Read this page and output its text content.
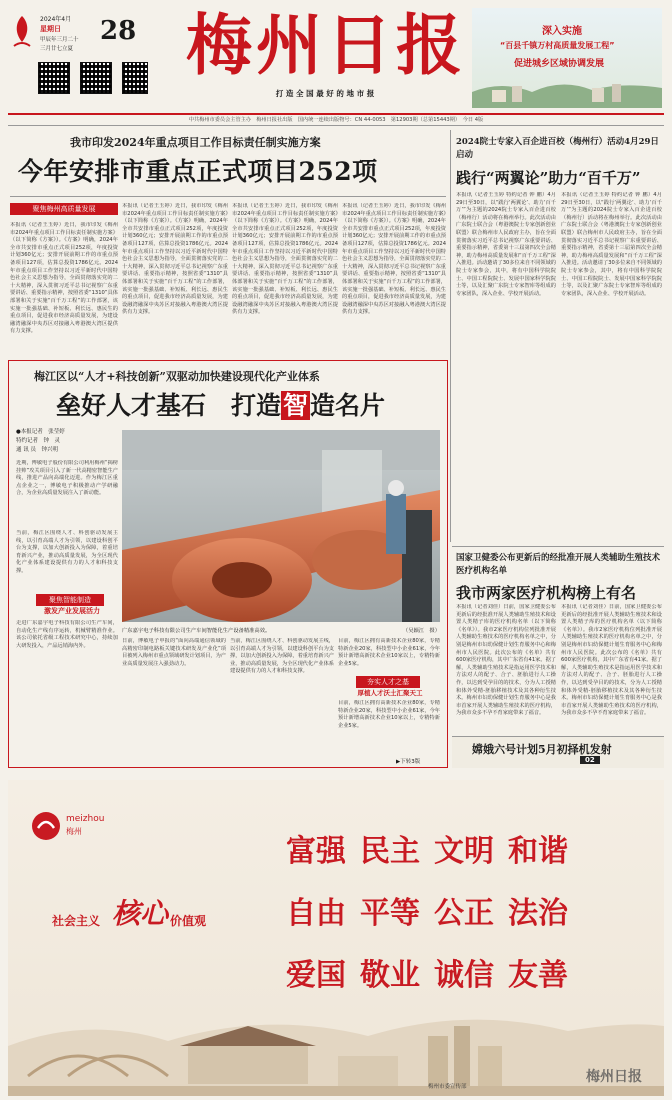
2024年4月
星期日
甲辰年三月二十
三月廿七立夏
28 梅州日报
打 造 全 国 最 好 的 地 市 报
深入实施
“百县千镇万村高质量发展工程”
促进城乡区域协调发展
中共梅州市委员会主管主办　梅州日报社出版　国内统一连续出版物号：CN 44-0053　第12903期（总第15443期）　今日 4版
我市印发2024年重点项目工作目标责任制实施方案
今年安排市重点正式项目252项
聚焦梅州高质量发展
本报讯（记者王玉婷）近日，我市印发《梅州市2024年重点项目工作目标责任制实施方案》（以下简称《方案》）。《方案》明确，2024年全市共安排市重点正式项目252项，年度投资计划360亿元；安排开展前期工作的市重点预备项目127项，估算总投资1786亿元。2024年市重点项目工作坚持以习近平新时代中国特色社会主义思想为指导，全面贯彻落实党的二十大精神，深入贯彻习近平总书记视察广东重要讲话、重要指示精神，按照省委“1310”具体部署和关于实施“百千万工程”的工作部署，该实施一批强基础、补短板、利长远、惠民生的重点项目，促进我市经济高质量发展，为建设融湾融深中央苏区对接融入粤港澳大湾区提供有力支撑。
本报讯（记者王玉婷）近日，我市印发《梅州市2024年重点项目工作目标责任制实施方案》（以下简称《方案》）。《方案》明确，2024年全市共安排市重点正式项目252项，年度投资计划360亿元；安排开展前期工作的市重点预备项目127项，估算总投资1786亿元。2024年市重点项目工作坚持以习近平新时代中国特色社会主义思想为指导，全面贯彻落实党的二十大精神，深入贯彻习近平总书记视察广东重要讲话、重要指示精神，按照省委“1310”具体部署和关于实施“百千万工程”的工作部署，该实施一批强基础、补短板、利长远、惠民生的重点项目，促进我市经济高质量发展，为建设融湾融深中央苏区对接融入粤港澳大湾区提供有力支撑。
本报讯（记者王玉婷）近日，我市印发《梅州市2024年重点项目工作目标责任制实施方案》（以下简称《方案》）。《方案》明确，2024年全市共安排市重点正式项目252项，年度投资计划360亿元；安排开展前期工作的市重点预备项目127项，估算总投资1786亿元。2024年市重点项目工作坚持以习近平新时代中国特色社会主义思想为指导，全面贯彻落实党的二十大精神，深入贯彻习近平总书记视察广东重要讲话、重要指示精神，按照省委“1310”具体部署和关于实施“百千万工程”的工作部署，该实施一批强基础、补短板、利长远、惠民生的重点项目，促进我市经济高质量发展，为建设融湾融深中央苏区对接融入粤港澳大湾区提供有力支撑。
本报讯（记者王玉婷）近日，我市印发《梅州市2024年重点项目工作目标责任制实施方案》（以下简称《方案》）。《方案》明确，2024年全市共安排市重点正式项目252项，年度投资计划360亿元；安排开展前期工作的市重点预备项目127项，估算总投资1786亿元。2024年市重点项目工作坚持以习近平新时代中国特色社会主义思想为指导，全面贯彻落实党的二十大精神，深入贯彻习近平总书记视察广东重要讲话、重要指示精神，按照省委“1310”具体部署和关于实施“百千万工程”的工作部署，该实施一批强基础、补短板、利长远、惠民生的重点项目，促进我市经济高质量发展，为建设融湾融深中央苏区对接融入粤港澳大湾区提供有力支撑。
2024院士专家入百企进百校（梅州行）活动4月29日启动
践行“两翼论”助力“百千万”
本报讯（记者王玉婷 特约记者 钟 鹏）4月29日至30日，以“践行‘两翼论’、助力‘百千万’”为主题的2024院士专家入百企进百校（梅州行）活动将在梅州举行。此次活动由广东院士联合会（粤港澳院士专家创新创业联盟）联合梅州市人民政府主办，旨在全面贯彻落实习近平总书记视察广东重要讲话、重要指示精神，省委第十三届第四次全会精神，助力梅州高质量发展和“百千万工程”深入推进。活动邀请了30多位来自不同领域的院士专家参会，其中，将有中国科学院院士、中国工程院院士、发展中国家科学院院士等，以及汇聚广东院士专家智库等组成的专家团队，深入企业、学校开展活动。
本报讯（记者王玉婷 特约记者 钟 鹏）4月29日至30日，以“践行‘两翼论’、助力‘百千万’”为主题的2024院士专家入百企进百校（梅州行）活动将在梅州举行。此次活动由广东院士联合会（粤港澳院士专家创新创业联盟）联合梅州市人民政府主办，旨在全面贯彻落实习近平总书记视察广东重要讲话、重要指示精神，省委第十三届第四次全会精神，助力梅州高质量发展和“百千万工程”深入推进。活动邀请了30多位来自不同领域的院士专家参会，其中，将有中国科学院院士、中国工程院院士、发展中国家科学院院士等，以及汇聚广东院士专家智库等组成的专家团队，深入企业、学校开展活动。
梅江区以“人才+科技创新”双驱动加快建设现代化产业体系
垒好人才基石　打造智造名片
●本报记者　张莹婷
特约记者　钟　灵
通 讯 员　钟兴明
近期，博敏电子股份有限公司利用梅州“揭榜挂帅”攻关项目引入了新一代高精密智能生产线，推进产品向高端化迈进。作为梅江区重点企业之一，博敏电子积极推动产学研融合，为企业高质量发展注入了新动能。
当前，梅江区围绕人才、科创驱动发展主线，以引育高端人才为引领，以建设科创平台为支撑，以加大创新投入为保障，着重培育新兴产业，推动高质量发展，为全区现代化产业体系建设提供有力的人才和科技支撑。
聚焦智能制造
激发产业发展活力
走进广东嘉宇电子科技有限公司生产车间，自动化生产线有序运转，机械臂精准作业。该公司依托省级工程技术研究中心，持续加大研发投入，产品远销海内外。
广东嘉宇电子科技有限公司生产车间智能化生产设备精准高效。	（吴颖江　摄）
日前，博敏电子申报的“面向高端通信领域的高精密印制电路板关键技术研发及产业化”项目被列入梅州市重点领域研发计划项目，为产业高质量发展注入强劲动力。
当前，梅江区围绕人才、科创驱动发展主线，以引育高端人才为引领，以建设科创平台为支撑，以加大创新投入为保障，着重培育新兴产业，推动高质量发展，为全区现代化产业体系建设提供有力的人才和科技支撑。
目前，梅江区拥有高新技术企业80家，专精特新企业20家，科技型中小企业61家，今年预计新增高新技术企业10家以上，专精特新企业5家。
夯实人才之基
厚植人才沃土汇聚天工
目前，梅江区拥有高新技术企业80家，专精特新企业20家，科技型中小企业61家，今年预计新增高新技术企业10家以上，专精特新企业5家。
▶下转3版
国家卫健委公布更新后的经批准开展人类辅助生殖技术医疗机构名单
我市两家医疗机构榜上有名
本报讯（记者刘佳）日前，国家卫健委公布更新后的经批准开展人类辅助生殖技术和设置人类精子库的医疗机构名单（以下简称《名单》）。我市2家医疗机构位列批准开展人类辅助生殖技术的医疗机构名单之中，分别是梅州市妇幼保健计划生育服务中心和梅州市人民医院。此次公布的《名单》共有600家医疗机构，其中广东省有41家。据了解，人类辅助生殖技术是指运用医学技术和方法对人的配子、合子、胚胎进行人工操作，以达到受孕目的的技术，分为人工授精和体外受精-胚胎移植技术及其各种衍生技术。梅州市妇幼保健计划生育服务中心是我市首家开展人类辅助生殖技术的医疗机构，为我市众多不孕不育家庭带来了福音。
本报讯（记者刘佳）日前，国家卫健委公布更新后的经批准开展人类辅助生殖技术和设置人类精子库的医疗机构名单（以下简称《名单》）。我市2家医疗机构位列批准开展人类辅助生殖技术的医疗机构名单之中，分别是梅州市妇幼保健计划生育服务中心和梅州市人民医院。此次公布的《名单》共有600家医疗机构，其中广东省有41家。据了解，人类辅助生殖技术是指运用医学技术和方法对人的配子、合子、胚胎进行人工操作，以达到受孕目的的技术，分为人工授精和体外受精-胚胎移植技术及其各种衍生技术。梅州市妇幼保健计划生育服务中心是我市首家开展人类辅助生殖技术的医疗机构，为我市众多不孕不育家庭带来了福音。
嫦娥六号计划5月初择机发射
02
meizhou
梅州
社会主义 核心 价值观
富强 民主 文明 和谐
自由 平等 公正 法治
爱国 敬业 诚信 友善
梅州市委宣传部
梅州日报
